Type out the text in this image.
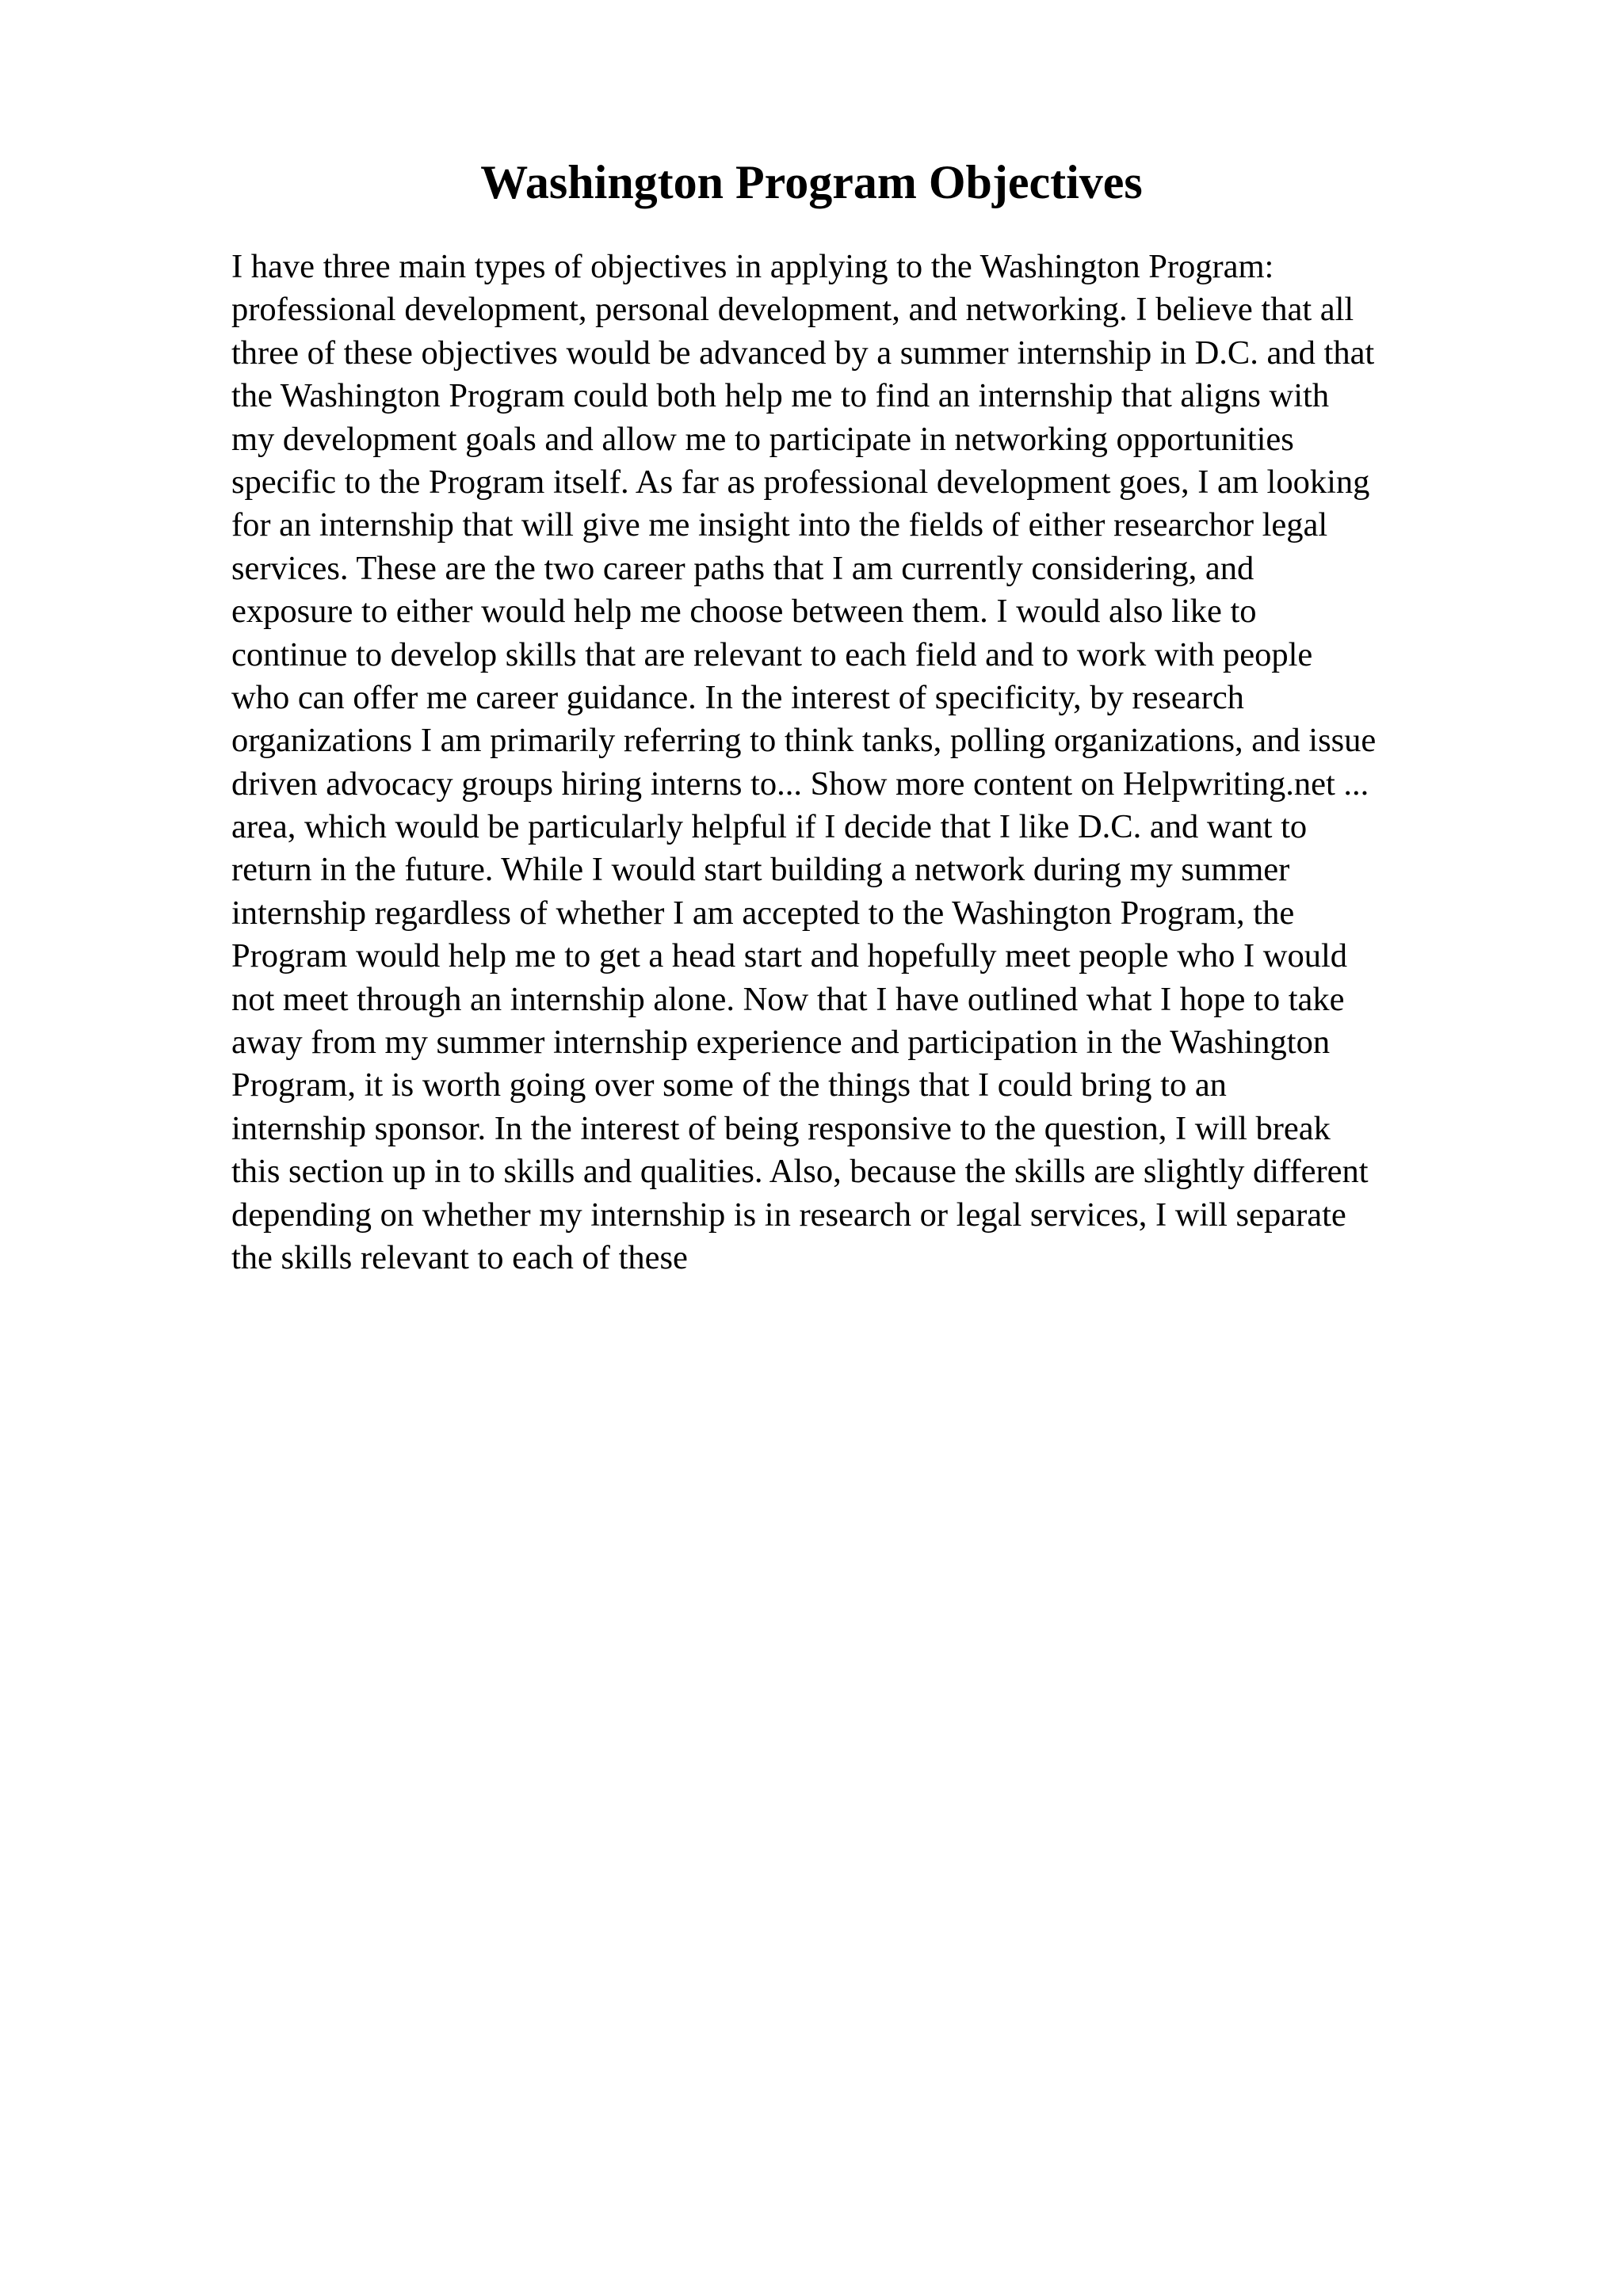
Washington Program Objectives
I have three main types of objectives in applying to the Washington Program:
professional development, personal development, and networking. I believe that all
three of these objectives would be advanced by a summer internship in D.C. and that
the Washington Program could both help me to find an internship that aligns with
my development goals and allow me to participate in networking opportunities
specific to the Program itself. As far as professional development goes, I am looking
for an internship that will give me insight into the fields of either researchor legal
services. These are the two career paths that I am currently considering, and
exposure to either would help me choose between them. I would also like to
continue to develop skills that are relevant to each field and to work with people
who can offer me career guidance. In the interest of specificity, by research
organizations I am primarily referring to think tanks, polling organizations, and issue
driven advocacy groups hiring interns to... Show more content on Helpwriting.net ...
area, which would be particularly helpful if I decide that I like D.C. and want to
return in the future. While I would start building a network during my summer
internship regardless of whether I am accepted to the Washington Program, the
Program would help me to get a head start and hopefully meet people who I would
not meet through an internship alone. Now that I have outlined what I hope to take
away from my summer internship experience and participation in the Washington
Program, it is worth going over some of the things that I could bring to an
internship sponsor. In the interest of being responsive to the question, I will break
this section up in to skills and qualities. Also, because the skills are slightly different
depending on whether my internship is in research or legal services, I will separate
the skills relevant to each of these
